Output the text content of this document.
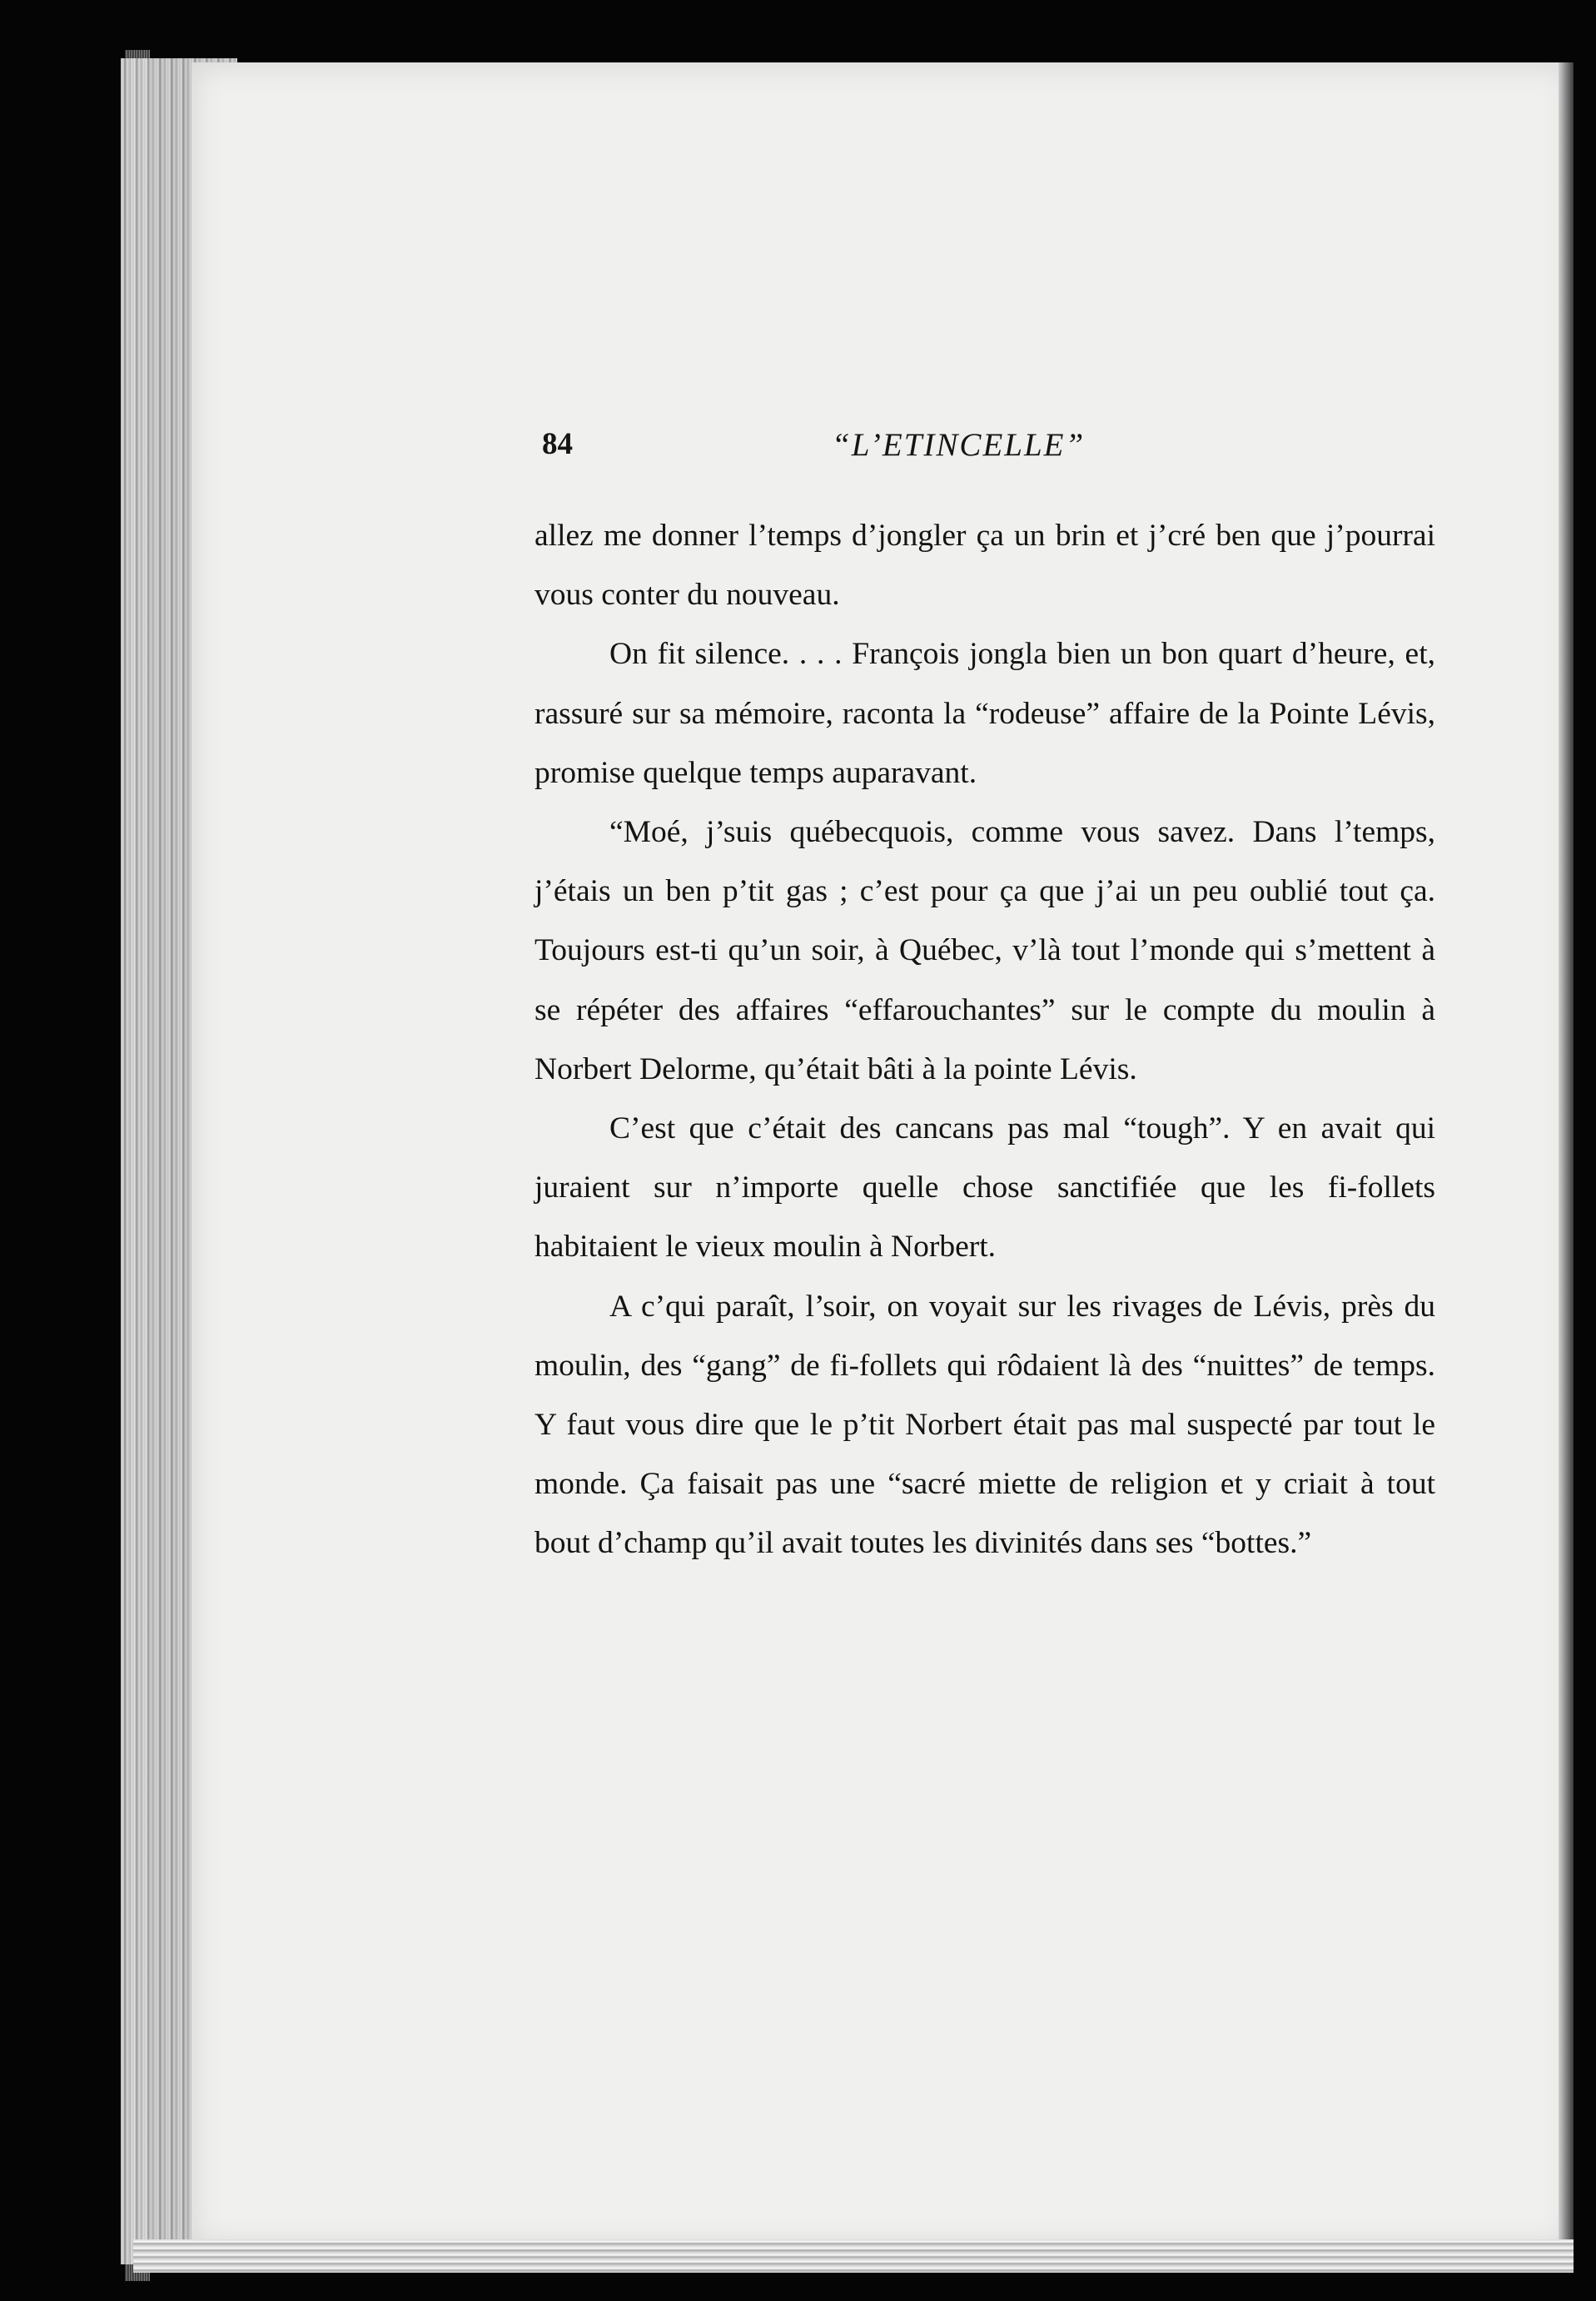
84	“L’ETINCELLE”

allez me donner l’temps d’jongler ça un brin et j’cré ben que j’pourrai vous conter du nouveau.

On fit silence. . . . François jongla bien un bon quart d’heure, et, rassuré sur sa mémoire, raconta la “rodeuse” affaire de la Pointe Lévis, promise quelque temps auparavant.

“Moé, j’suis québecquois, comme vous savez. Dans l’temps, j’étais un ben p’tit gas ; c’est pour ça que j’ai un peu oublié tout ça. Toujours est-ti qu’un soir, à Québec, v’là tout l’monde qui s’mettent à se répéter des affaires “effarouchantes” sur le compte du moulin à Norbert Delorme, qu’était bâti à la pointe Lévis.

C’est que c’était des cancans pas mal “tough”. Y en avait qui juraient sur n’importe quelle chose sanctifiée que les fi-follets habitaient le vieux moulin à Norbert.

A c’qui paraît, l’soir, on voyait sur les rivages de Lévis, près du moulin, des “gang” de fi-follets qui rôdaient là des “nuittes” de temps. Y faut vous dire que le p’tit Norbert était pas mal suspecté par tout le monde. Ça faisait pas une “sacré miette de religion et y criait à tout bout d’champ qu’il avait toutes les divinités dans ses “bottes.”
